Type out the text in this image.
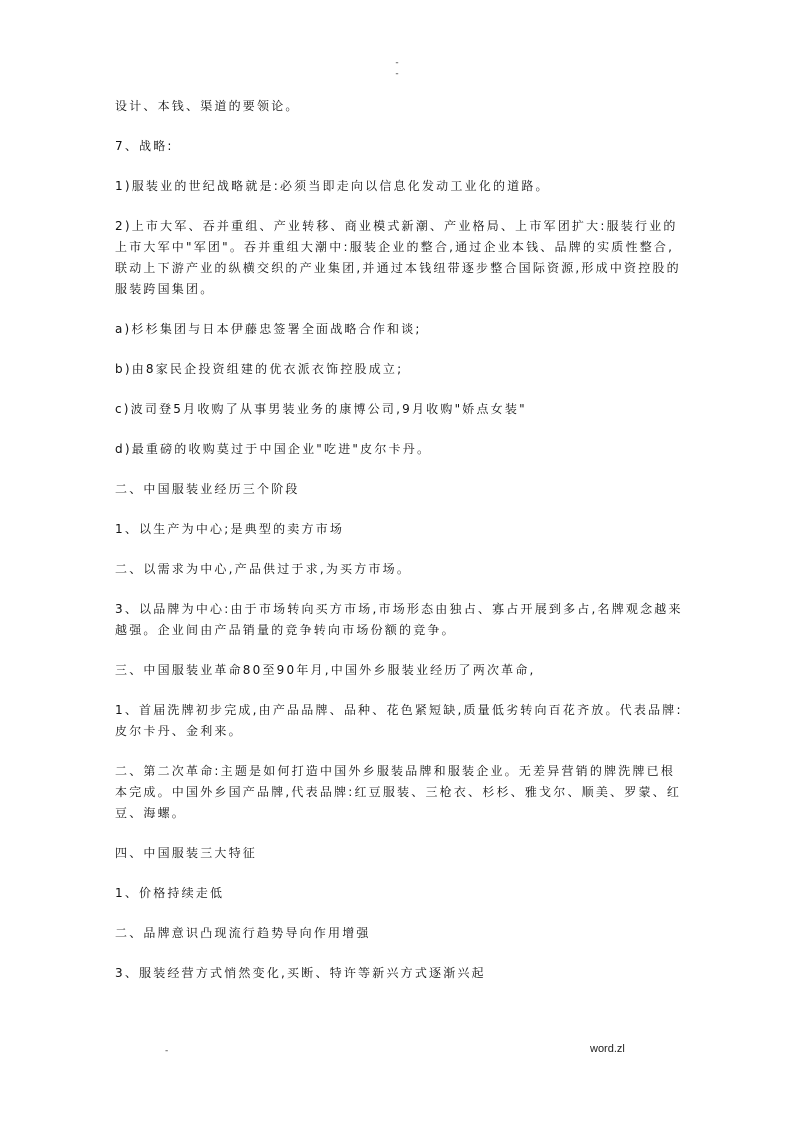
-
-

设计、本钱、渠道的要领论。

7、战略:

1)服装业的世纪战略就是:必须当即走向以信息化发动工业化的道路。

2)上市大军、吞并重组、产业转移、商业模式新潮、产业格局、上市军团扩大:服装行业的上市大军中"军团"。吞并重组大潮中:服装企业的整合,通过企业本钱、品牌的实质性整合,联动上下游产业的纵横交织的产业集团,并通过本钱纽带逐步整合国际资源,形成中资控股的服装跨国集团。

a)杉杉集团与日本伊藤忠签署全面战略合作和谈;

b)由8家民企投资组建的优衣派衣饰控股成立;

c)波司登5月收购了从事男装业务的康博公司,9月收购"娇点女装"

d)最重磅的收购莫过于中国企业"吃进"皮尔卡丹。

二、中国服装业经历三个阶段

1、以生产为中心;是典型的卖方市场

二、以需求为中心,产品供过于求,为买方市场。

3、以品牌为中心:由于市场转向买方市场,市场形态由独占、寡占开展到多占,名牌观念越来越强。企业间由产品销量的竞争转向市场份额的竞争。

三、中国服装业革命80至90年月,中国外乡服装业经历了两次革命,

1、首届洗牌初步完成,由产品品牌、品种、花色紧短缺,质量低劣转向百花齐放。代表品牌:皮尔卡丹、金利来。

二、第二次革命:主题是如何打造中国外乡服装品牌和服装企业。无差异营销的牌洗牌已根本完成。中国外乡国产品牌,代表品牌:红豆服装、三枪衣、杉杉、雅戈尔、顺美、罗蒙、红豆、海螺。

四、中国服装三大特征

1、价格持续走低

二、品牌意识凸现流行趋势导向作用增强

3、服装经营方式悄然变化,买断、特许等新兴方式逐渐兴起

-	word.zl
